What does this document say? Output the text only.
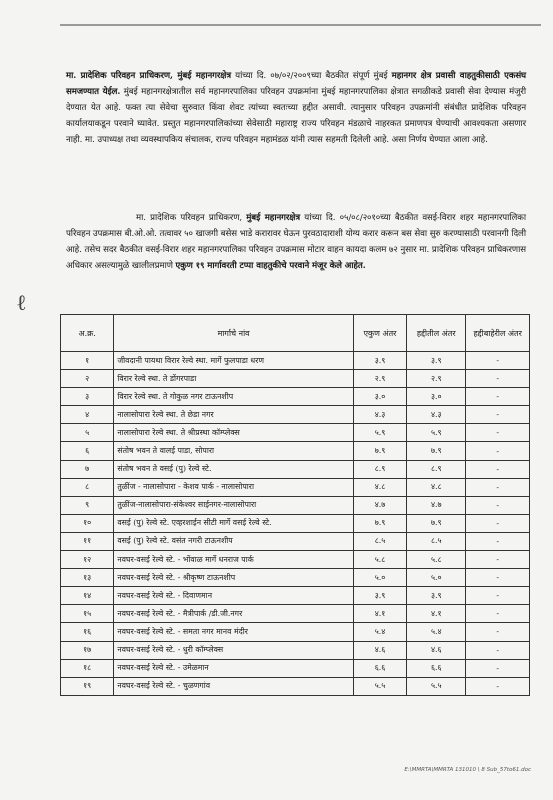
मा. प्रादेशिक परिवहन प्राधिकरण, मुंबई महानगरक्षेत्र यांच्या दि. ०७/०२/२००९च्या बैठकीत संपूर्ण मुंबई महानगर क्षेत्र प्रवासी वाहतुकीसाठी एकसंघ समजण्यात येईल. मुंबई महानगरक्षेत्रातील सर्व महानगरपालिका परिवहन उपक्रमांना मुंबई महानगरपालिका क्षेत्रात सगळीकडे प्रवासी सेवा देण्यास मंजुरी देण्यात येत आहे. फक्त त्या सेवेचा सुरुवात किंवा शेवट त्यांच्या स्वतःच्या हद्दीत असावी. त्यानुसार परिवहन उपक्रमांनी संबंधीत प्रादेशिक परिवहन कार्यालयाकडून परवाने घ्यावेत. प्रस्तुत महानगरपालिकांच्या सेवेसाठी महाराष्ट्र राज्य परिवहन मंडळाचे नाहरकत प्रमाणपत्र घेण्याची आवश्यकता असणार नाही. मा. उपाध्यक्ष तथा व्यवस्थापकिय संचालक, राज्य परिवहन महामंडळ यांनी त्यास सहमती दिलेली आहे. असा निर्णय घेण्यात आला आहे.

मा. प्रादेशिक परिवहन प्राधिकरण, मुंबई महानगरक्षेत्र यांच्या दि. ०५/०८/२०१०च्या बैठकीत वसई-विरार शहर महानगरपालिका परिवहन उपक्रमास बी.ओ.ओ. तत्वावर ५० खाजगी बसेस भाडे करारावर घेऊन पुरवठादाराशी योग्य करार करून बस सेवा सुरु करण्यासाठी परवानगी दिली आहे. तसेच सदर बैठकीत वसई-विरार शहर महानगरपालिका परिवहन उपक्रमास मोटार वाहन कायदा कलम ७२ नुसार मा. प्रादेशिक परिवहन प्राधिकरणास अधिकार असल्यामुळे खालीलप्रमाणे एकुण १९ मार्गावरती टप्पा वाहतुकीचे परवाने मंजूर केले आहेत.

ℓ
अ.क्र.	मार्गाचे नांव	एकुण अंतर	हद्दीतील अंतर	हद्दीबाहेरील अंतर
१	जीवदानी पायथा विरार रेल्वे स्था. मार्गे फुलपाडा धरण	३.९	३.९	-
२	विरार रेल्वे स्था. ते डोंगरपाडा	२.९	२.९	-
३	विरार रेल्वे स्था. ते गोकुळ नगर टाऊनशीप	३.०	३.०	-
४	नालासोपारा रेल्वे स्था. ते छेडा नगर	४.३	४.३	-
५	नालासोपारा रेल्वे स्था. ते श्रीप्रस्था कॉम्प्लेक्स	५.९	५.९	-
६	संतोष भवन ते वालई पाडा, सोपारा	७.९	७.९	-
७	संतोष भवन ते वसई (पु) रेल्वे स्टे.	८.९	८.९	-
८	तुळींज - नालासोपारा - केशव पार्क - नालासोपारा	४.८	४.८	-
९	तुळींज-नालासोपारा-संकेश्वर साईनगर-नालासोपारा	४.७	४.७	-
१०	वसई (पु) रेल्वे स्टे. एव्हरशाईन सीटी मार्गे वसई रेल्वे स्टे.	७.९	७.९	-
११	वसई (पु) रेल्वे स्टे. वसंत नगरी टाऊनशीप	८.५	८.५	-
१२	नवघर-वसई रेल्वे स्टे. - भोंवाळ मार्गे धनराज पार्क	५.८	५.८	-
१३	नवघर-वसई रेल्वे स्टे. - श्रीकृष्ण टाऊनशीप	५.०	५.०	-
१४	नवघर-वसई रेल्वे स्टे. - दिवाणमान	३.९	३.९	-
१५	नवघर-वसई रेल्वे स्टे. - मैत्रीपार्क /डी.जी.नगर	४.१	४.१	-
१६	नवघर-वसई रेल्वे स्टे. - समता नगर मानव मंदीर	५.४	५.४	-
१७	नवघर-वसई रेल्वे स्टे. - धुरी कॉम्प्लेक्स	४.६	४.६	-
१८	नवघर-वसई रेल्वे स्टे. - उमेळमान	६.६	६.६	-
१९	नवघर-वसई रेल्वे स्टे. - चुळणगांव	५.५	५.५	-
E:\MMRTA\MMRTA 131010 \ 8 Sub_57to61.doc
